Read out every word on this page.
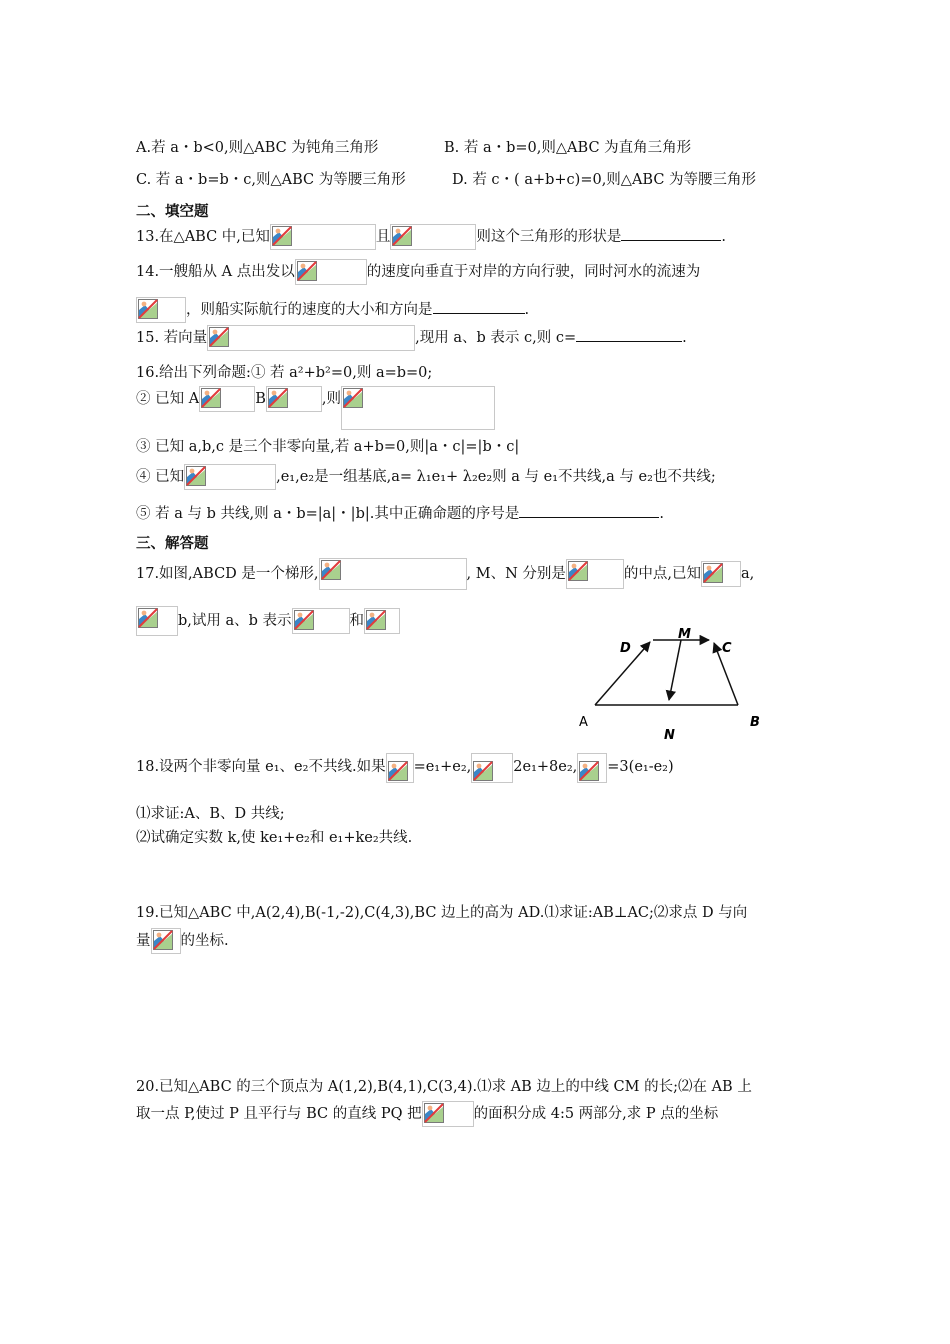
A.若 a・b<0,则△ABC 为钝角三角形	B. 若 a・b=0,则△ABC 为直角三角形
C. 若 a・b=b・c,则△ABC 为等腰三角形	D. 若 c・( a+b+c)=0,则△ABC 为等腰三角形
二、填空题
13.在△ABC 中,已知	且	则这个三角形的形状是	.
14.一艘船从 A 点出发以	的速度向垂直于对岸的方向行驶，同时河水的流速为
，则船实际航行的速度的大小和方向是	.
15. 若向量	,现用 a、b 表示 c,则 c=	.
16.给出下列命题:① 若 a²+b²=0,则 a=b=0;
② 已知 A	B	,则
③ 已知 a,b,c 是三个非零向量,若 a+b=0,则|a・c|=|b・c|
④ 已知	,e₁,e₂是一组基底,a= λ₁e₁+ λ₂e₂则 a 与 e₁不共线,a 与 e₂也不共线;
⑤ 若 a 与 b 共线,则 a・b=|a|・|b|.其中正确命题的序号是	.
三、解答题
17.如图,ABCD 是一个梯形,	, M、N 分别是	的中点,已知	a,
b,试用 a、b 表示	和
D
M
C
A	B
N
18.设两个非零向量 e₁、e₂不共线.如果 =e₁+e₂,	2e₁+8e₂, =3(e₁-e₂)
⑴求证:A、B、D 共线;
⑵试确定实数 k,使 ke₁+e₂和 e₁+ke₂共线.
19.已知△ABC 中,A(2,4),B(-1,-2),C(4,3),BC 边上的高为 AD.⑴求证:AB⊥AC;⑵求点 D 与向
量 的坐标.
20.已知△ABC 的三个顶点为 A(1,2),B(4,1),C(3,4).⑴求 AB 边上的中线 CM 的长;⑵在 AB 上
取一点 P,使过 P 且平行与 BC 的直线 PQ 把	的面积分成 4:5 两部分,求 P 点的坐标
